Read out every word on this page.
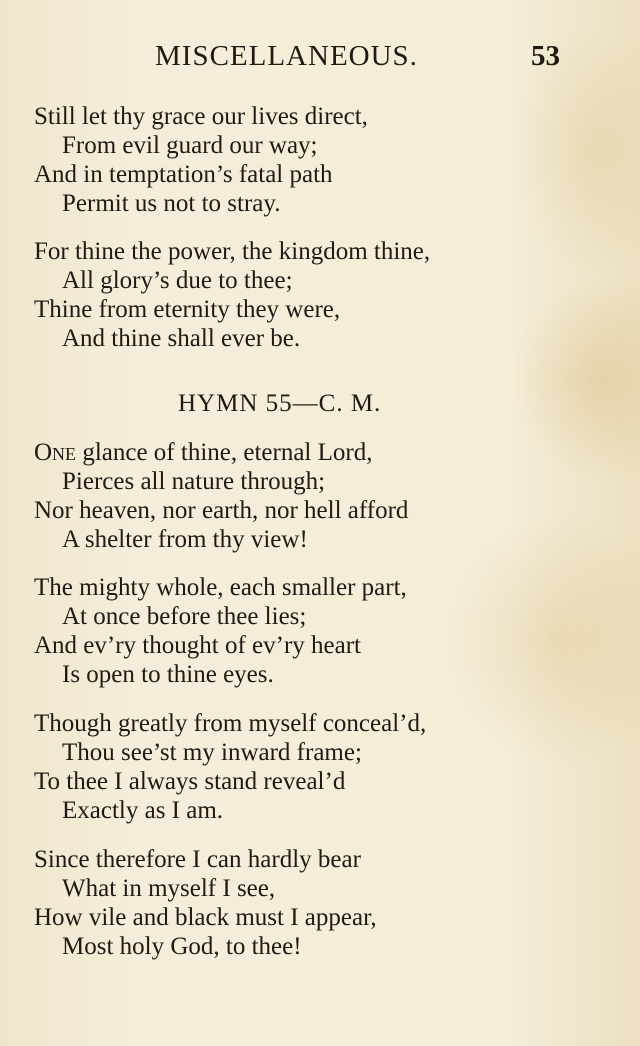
MISCELLANEOUS.	53
Still let thy grace our lives direct,
From evil guard our way;
And in temptation’s fatal path
Permit us not to stray.
For thine the power, the kingdom thine,
All glory’s due to thee;
Thine from eternity they were,
And thine shall ever be.
HYMN 55—C. M.
One glance of thine, eternal Lord,
Pierces all nature through;
Nor heaven, nor earth, nor hell afford
A shelter from thy view!
The mighty whole, each smaller part,
At once before thee lies;
And ev’ry thought of ev’ry heart
Is open to thine eyes.
Though greatly from myself conceal’d,
Thou see’st my inward frame;
To thee I always stand reveal’d
Exactly as I am.
Since therefore I can hardly bear
What in myself I see,
How vile and black must I appear,
Most holy God, to thee!
